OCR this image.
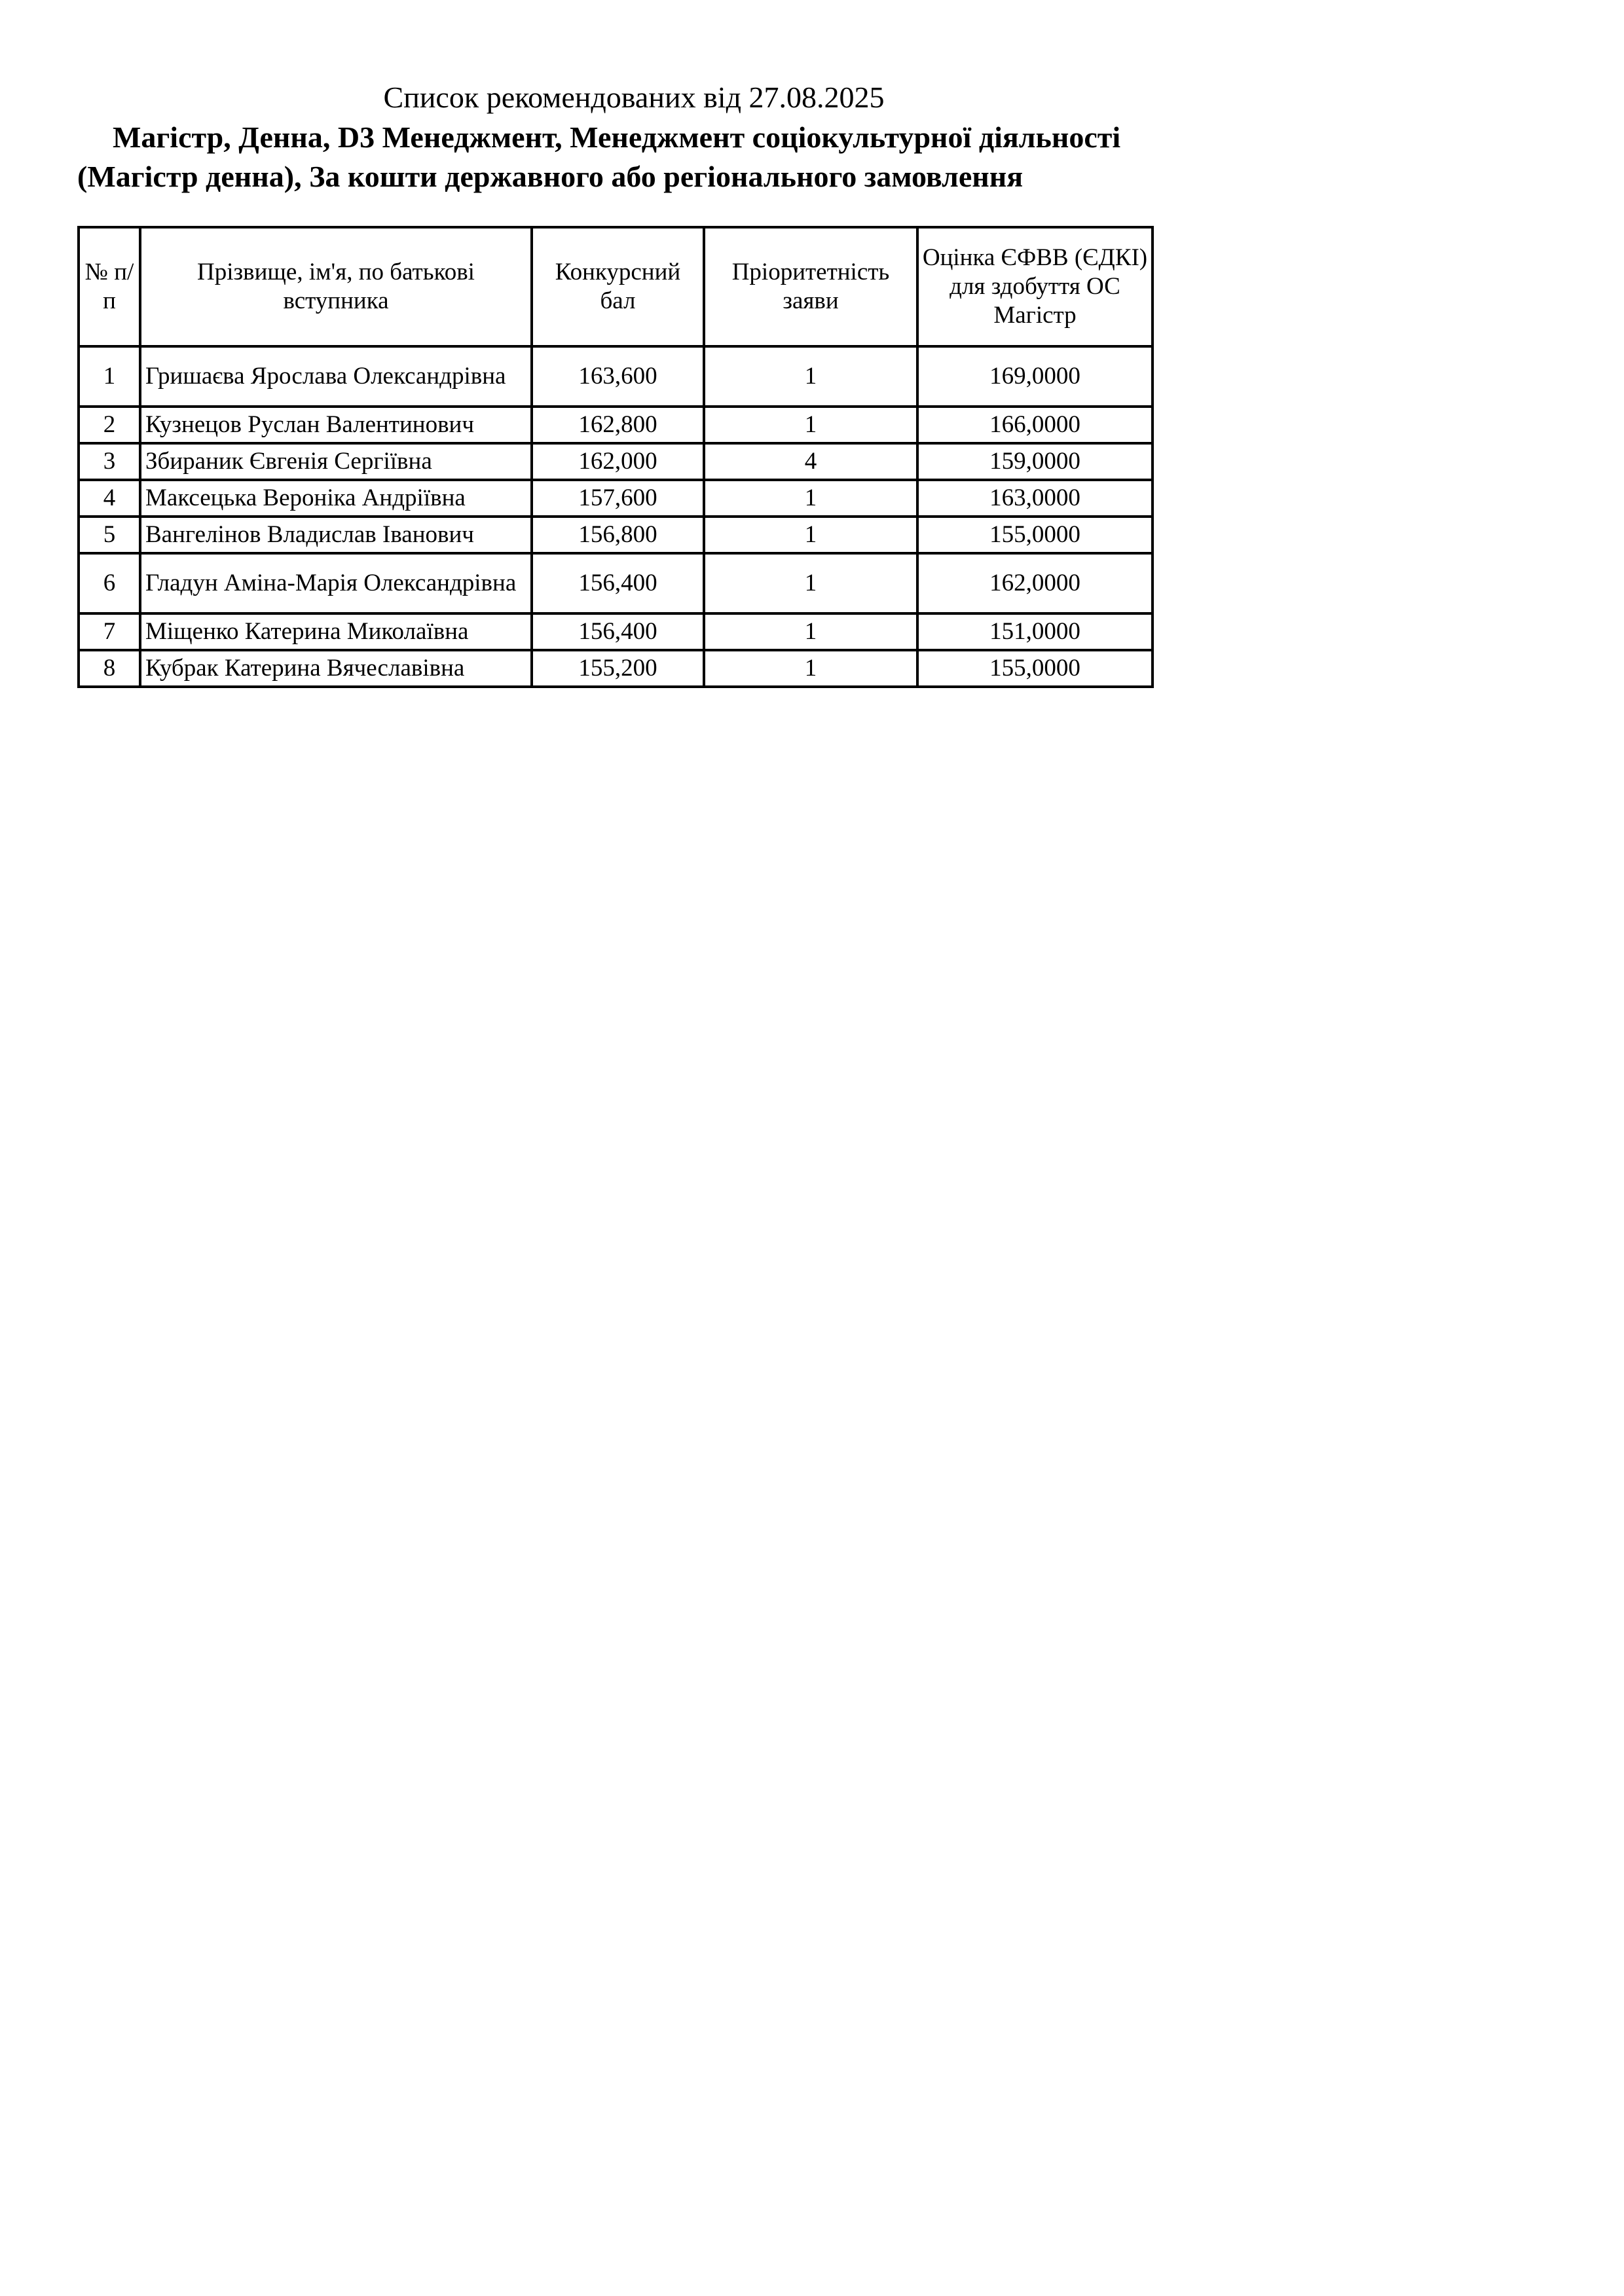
Список рекомендованих від 27.08.2025

Магістр, Денна, D3 Менеджмент, Менеджмент соціокультурної діяльності (Магістр денна), За кошти державного або регіонального замовлення

№ п/п	Прізвище, ім'я, по батькові вступника	Конкурсний бал	Пріоритетність заяви	Оцінка ЄФВВ (ЄДКІ) для здобуття ОС Магістр
1	Гришаєва Ярослава Олександрівна	163,600	1	169,0000
2	Кузнецов Руслан Валентинович	162,800	1	166,0000
3	Збираник Євгенія Сергіївна	162,000	4	159,0000
4	Максецька Вероніка Андріївна	157,600	1	163,0000
5	Вангелінов Владислав Іванович	156,800	1	155,0000
6	Гладун Аміна-Марія Олександрівна	156,400	1	162,0000
7	Міщенко Катерина Миколаївна	156,400	1	151,0000
8	Кубрак Катерина Вячеславівна	155,200	1	155,0000
